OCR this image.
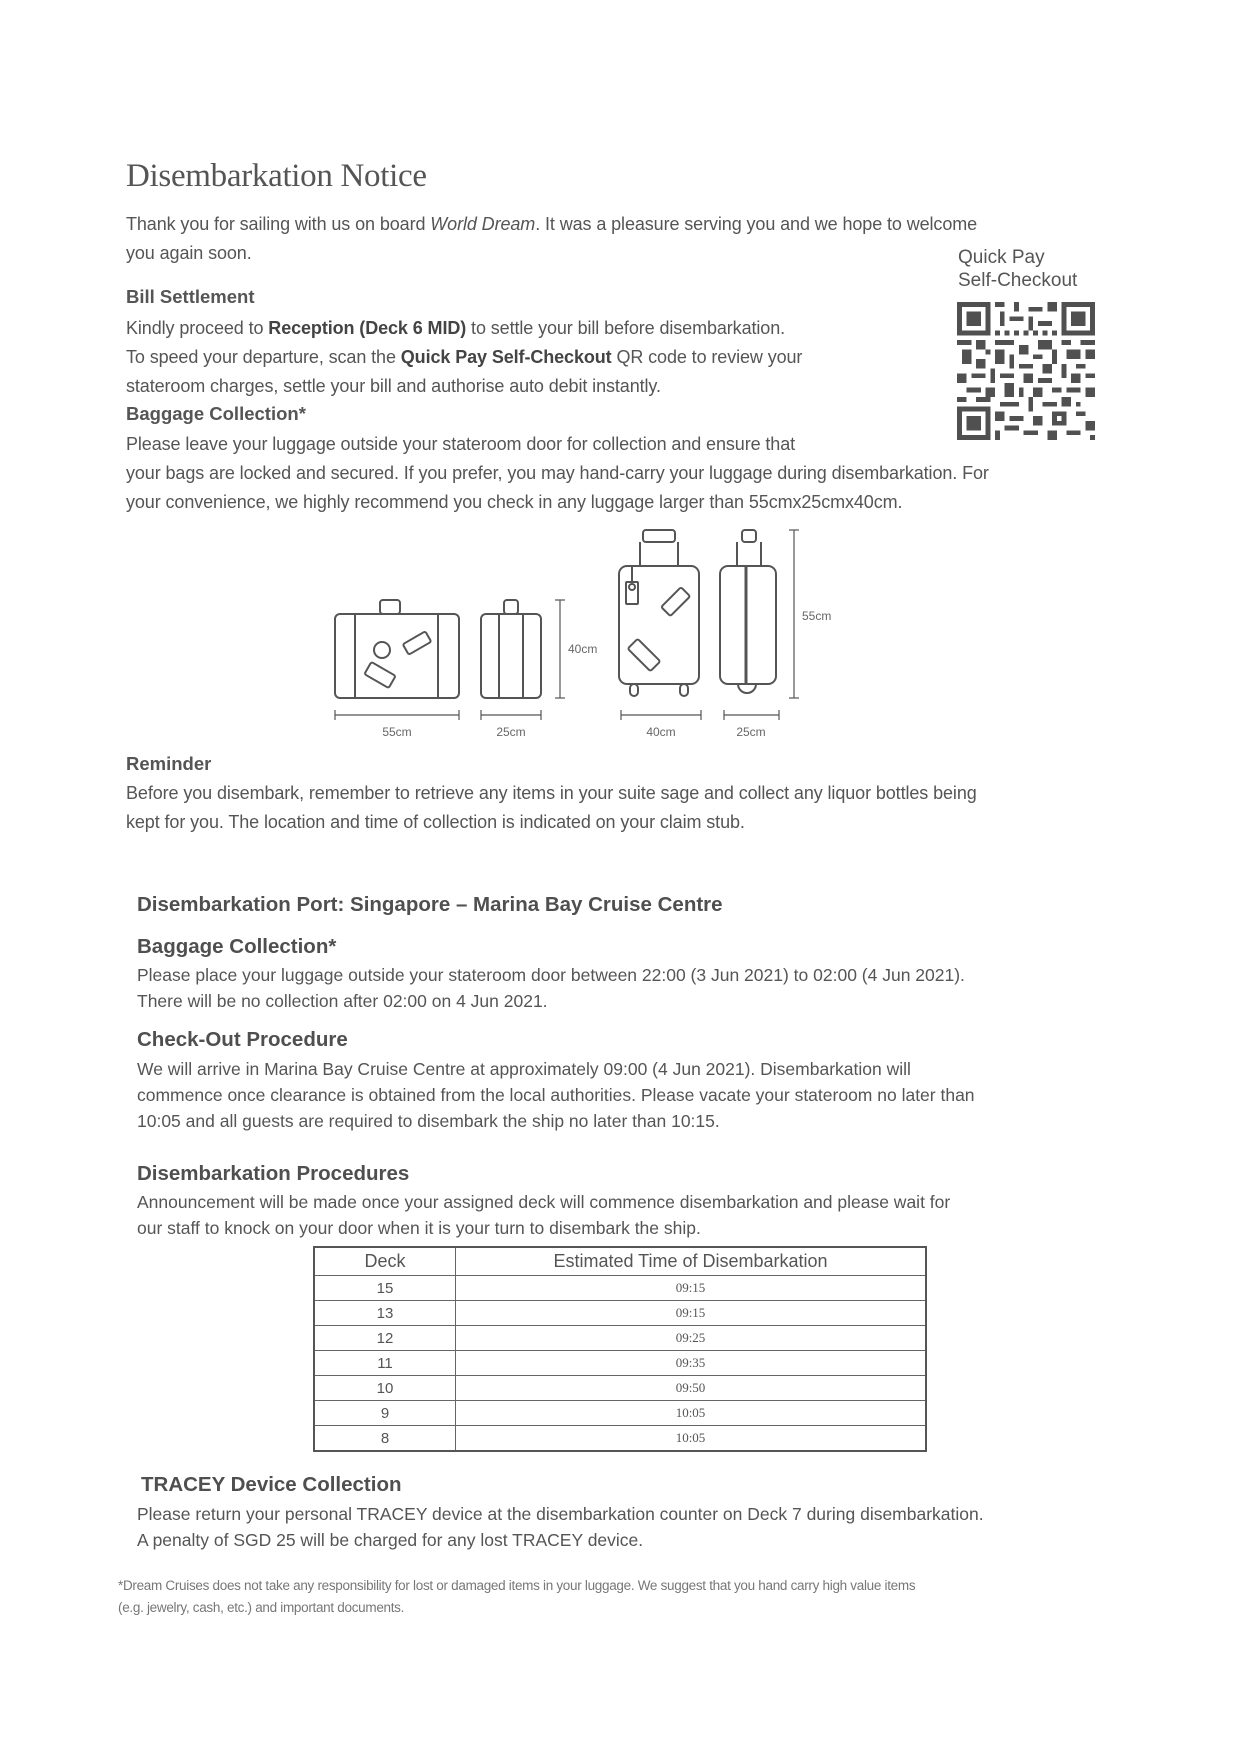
Disembarkation Notice
Thank you for sailing with us on board World Dream. It was a pleasure serving you and we hope to welcome
you again soon.	Quick Pay
Self-Checkout
Bill Settlement
Kindly proceed to Reception (Deck 6 MID) to settle your bill before disembarkation.
To speed your departure, scan the Quick Pay Self-Checkout QR code to review your
stateroom charges, settle your bill and authorise auto debit instantly.
Baggage Collection*
Please leave your luggage outside your stateroom door for collection and ensure that
your bags are locked and secured. If you prefer, you may hand-carry your luggage during disembarkation. For
your convenience, we highly recommend you check in any luggage larger than 55cmx25cmx40cm.
55cm	25cm
40cm
40cm	25cm
55cm
Reminder
Before you disembark, remember to retrieve any items in your suite sage and collect any liquor bottles being
kept for you. The location and time of collection is indicated on your claim stub.
Disembarkation Port: Singapore – Marina Bay Cruise Centre
Baggage Collection*
Please place your luggage outside your stateroom door between 22:00 (3 Jun 2021) to 02:00 (4 Jun 2021).
There will be no collection after 02:00 on 4 Jun 2021.
Check-Out Procedure
We will arrive in Marina Bay Cruise Centre at approximately 09:00 (4 Jun 2021). Disembarkation will
commence once clearance is obtained from the local authorities. Please vacate your stateroom no later than
10:05 and all guests are required to disembark the ship no later than 10:15.
Disembarkation Procedures
Announcement will be made once your assigned deck will commence disembarkation and please wait for
our staff to knock on your door when it is your turn to disembark the ship.
Deck	Estimated Time of Disembarkation
15	09:15
13	09:15
12	09:25
11	09:35
10	09:50
9	10:05
8	10:05
TRACEY Device Collection
Please return your personal TRACEY device at the disembarkation counter on Deck 7 during disembarkation.
A penalty of SGD 25 will be charged for any lost TRACEY device.
*Dream Cruises does not take any responsibility for lost or damaged items in your luggage. We suggest that you hand carry high value items
(e.g. jewelry, cash, etc.) and important documents.
